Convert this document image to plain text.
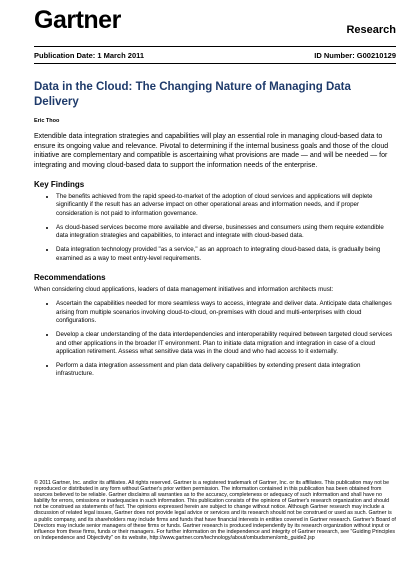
Gartner	Research
Publication Date: 1 March 2011	ID Number: G00210129
Data in the Cloud: The Changing Nature of Managing Data Delivery
Eric Thoo

Extendible data integration strategies and capabilities will play an essential role in managing cloud-based data to ensure its ongoing value and relevance. Pivotal to determining if the internal business goals and those of the cloud initiative are complementary and compatible is ascertaining what provisions are made — and will be needed — for integrating and moving cloud-based data to support the information needs of the enterprise.

Key Findings
• The benefits achieved from the rapid speed-to-market of the adoption of cloud services and applications will deplete significantly if the result has an adverse impact on other operational areas and information needs, and if proper consideration is not paid to information governance.
• As cloud-based services become more available and diverse, businesses and consumers using them require extendible data integration strategies and capabilities, to interact and integrate with cloud-based data.
• Data integration technology provided "as a service," as an approach to integrating cloud-based data, is gradually being examined as a way to meet entry-level requirements.
Recommendations

When considering cloud applications, leaders of data management initiatives and information architects must:

• Ascertain the capabilities needed for more seamless ways to access, integrate and deliver data. Anticipate data challenges arising from multiple scenarios involving cloud-to-cloud, on-premises with cloud and multi-enterprises with cloud configurations.
• Develop a clear understanding of the data interdependencies and interoperability required between targeted cloud services and other applications in the broader IT environment. Plan to initiate data migration and integration in case of a cloud application retirement. Assess what sensitive data was in the cloud and who had access to it externally.
• Perform a data integration assessment and plan data delivery capabilities by extending present data integration infrastructure.
© 2011 Gartner, Inc. and/or its affiliates. All rights reserved. Gartner is a registered trademark of Gartner, Inc. or its affiliates. This publication may not be reproduced or distributed in any form without Gartner's prior written permission. The information contained in this publication has been obtained from sources believed to be reliable. Gartner disclaims all warranties as to the accuracy, completeness or adequacy of such information and shall have no liability for errors, omissions or inadequacies in such information. This publication consists of the opinions of Gartner's research organization and should not be construed as statements of fact. The opinions expressed herein are subject to change without notice. Although Gartner research may include a discussion of related legal issues, Gartner does not provide legal advice or services and its research should not be construed or used as such. Gartner is a public company, and its shareholders may include firms and funds that have financial interests in entities covered in Gartner research. Gartner's Board of Directors may include senior managers of these firms or funds. Gartner research is produced independently by its research organization without input or influence from these firms, funds or their managers. For further information on the independence and integrity of Gartner research, see "Guiding Principles on Independence and Objectivity" on its website, http://www.gartner.com/technology/about/ombudsmen/omb_guide2.jsp
